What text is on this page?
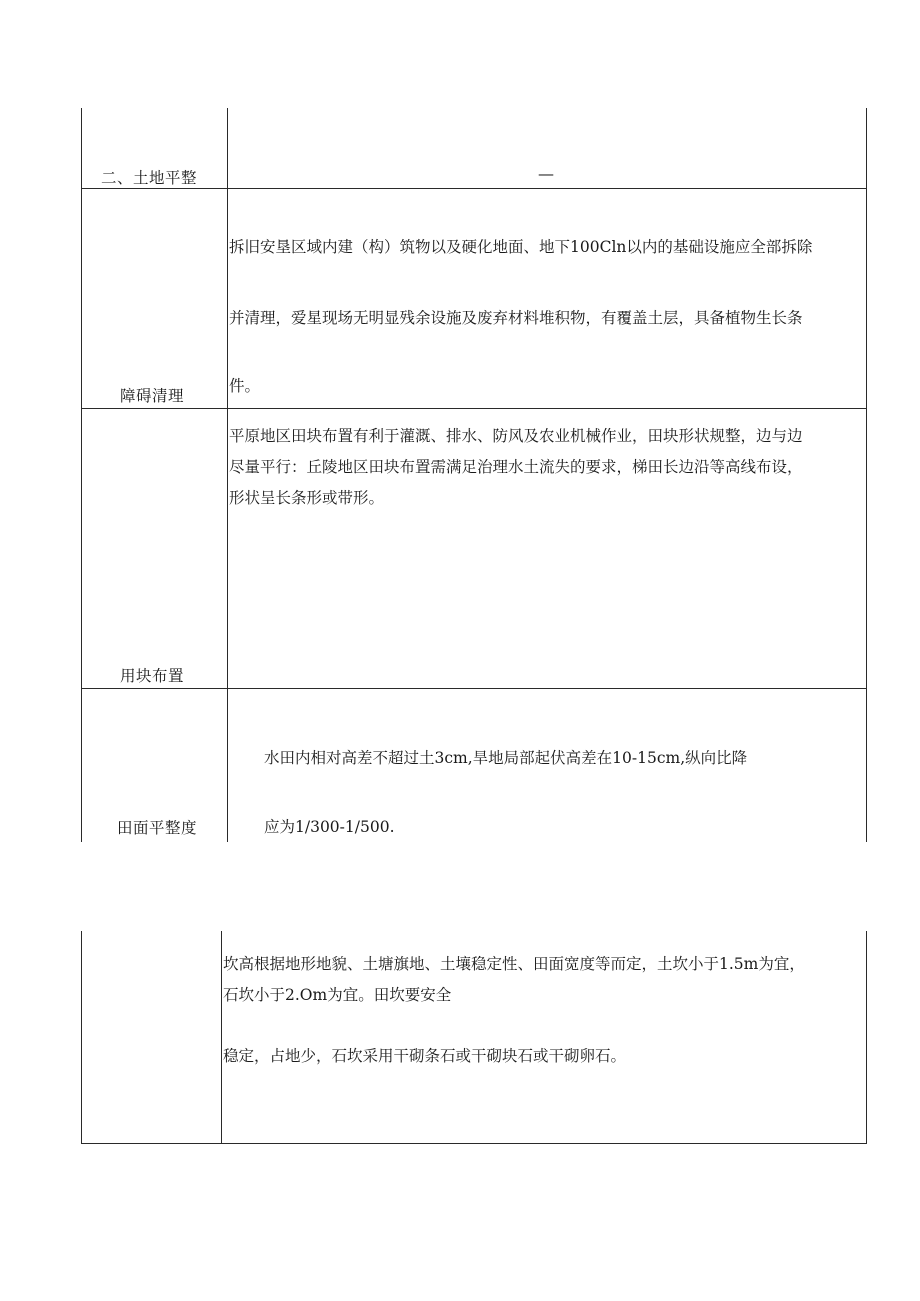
二、土地平整	—
障碍清理
拆旧安垦区域内建（构）筑物以及硬化地面、地下100Cln以内的基础设施应全部拆除
并清理，爱星现场无明显残余设施及废弃材料堆积物，有覆盖土层，具备植物生长条
件。
用块布置
平原地区田块布置有利于灌溉、排水、防风及农业机械作业，田块形状规整，边与边
尽量平行：丘陵地区田块布置需满足治理水土流失的要求，梯田长边沿等高线布设，
形状呈长条形或带形。
田面平整度
水田内相对高差不超过土3cm,旱地局部起伏高差在10-15cm,纵向比降
应为1/300-1/500.
坎高根据地形地貌、土塘旗地、土壤稳定性、田面宽度等而定，土坎小于1.5m为宜，
石坎小于2.Om为宜。田坎要安全
稳定，占地少，石坎采用干砌条石或干砌块石或干砌卵石。
